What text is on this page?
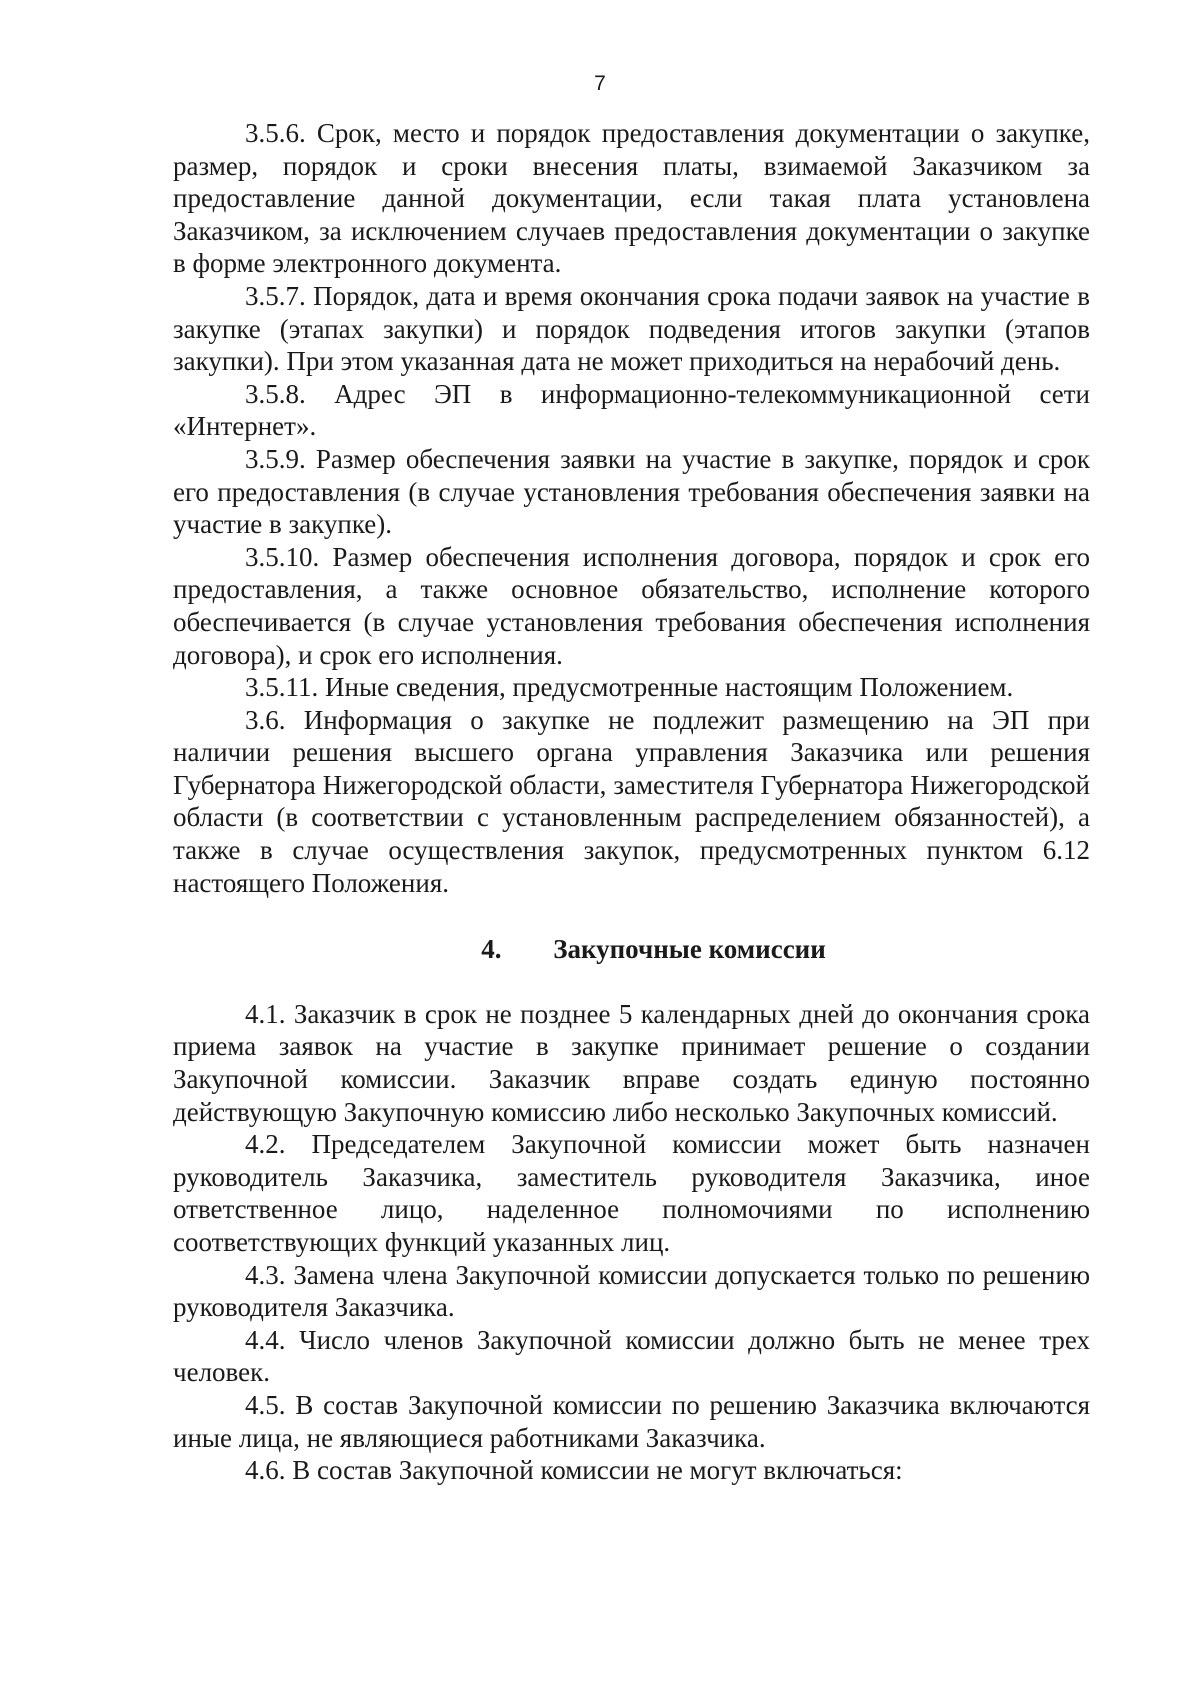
7

3.5.6. Срок, место и порядок предоставления документации о закупке, размер, порядок и сроки внесения платы, взимаемой Заказчиком за предоставление данной документации, если такая плата установлена Заказчиком, за исключением случаев предоставления документации о закупке в форме электронного документа.

3.5.7. Порядок, дата и время окончания срока подачи заявок на участие в закупке (этапах закупки) и порядок подведения итогов закупки (этапов закупки). При этом указанная дата не может приходиться на нерабочий день.

3.5.8. Адрес ЭП в информационно-телекоммуникационной сети «Интернет».

3.5.9. Размер обеспечения заявки на участие в закупке, порядок и срок его предоставления (в случае установления требования обеспечения заявки на участие в закупке).

3.5.10. Размер обеспечения исполнения договора, порядок и срок его предоставления, а также основное обязательство, исполнение которого обеспечивается (в случае установления требования обеспечения исполнения договора), и срок его исполнения.

3.5.11. Иные сведения, предусмотренные настоящим Положением.

3.6. Информация о закупке не подлежит размещению на ЭП при наличии решения высшего органа управления Заказчика или решения Губернатора Нижегородской области, заместителя Губернатора Нижегородской области (в соответствии с установленным распределением обязанностей), а также в случае осуществления закупок, предусмотренных пунктом 6.12 настоящего Положения.

4. Закупочные комиссии

4.1. Заказчик в срок не позднее 5 календарных дней до окончания срока приема заявок на участие в закупке принимает решение о создании Закупочной комиссии. Заказчик вправе создать единую постоянно действующую Закупочную комиссию либо несколько Закупочных комиссий.

4.2. Председателем Закупочной комиссии может быть назначен руководитель Заказчика, заместитель руководителя Заказчика, иное ответственное лицо, наделенное полномочиями по исполнению соответствующих функций указанных лиц.

4.3. Замена члена Закупочной комиссии допускается только по решению руководителя Заказчика.

4.4. Число членов Закупочной комиссии должно быть не менее трех человек.

4.5. В состав Закупочной комиссии по решению Заказчика включаются иные лица, не являющиеся работниками Заказчика.

4.6. В состав Закупочной комиссии не могут включаться:
